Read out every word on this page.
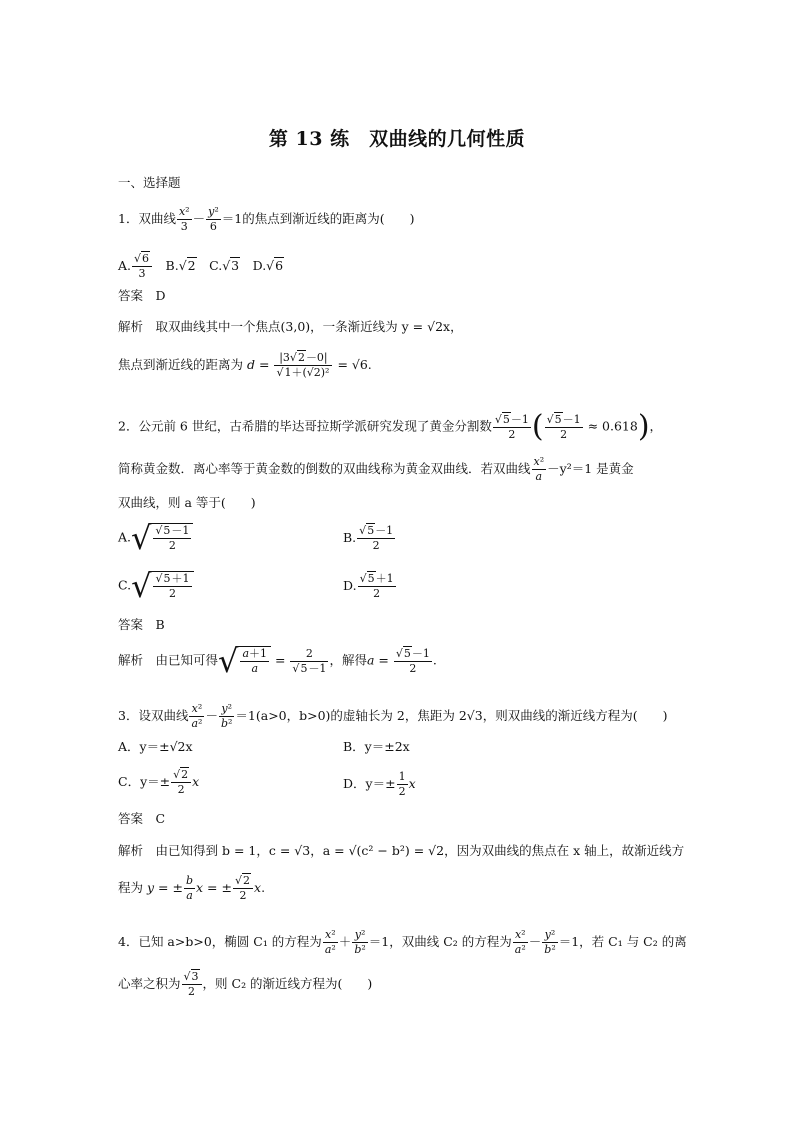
第 13 练　双曲线的几何性质
一、选择题
1．双曲线 $\frac{\text{x²}}{3} - \frac{\text{y²}}{6} =1$的焦点到渐近线的距离为(　　)
A. $\frac{√6}{3}$ 　B.√2　C.√3　D.√6
答案　 D
解析　 取双曲线其中一个焦点(3,0)，一条渐近线为 y = √2x，
焦点到渐近线的距离为 $d = \frac{|3√2-0|}{\text{√1＋(√2)²}} = √6$.
2．公元前 6 世纪，古希腊的毕达哥拉斯学派研究发现了黄金分割数 $\frac{√5-1}{2}$ ( $\frac{√5-1}{2} \approx 0.618$)，
简称黄金数．离心率等于黄金数的倒数的双曲线称为黄金双曲线．若双曲线 $\frac{\text{x²}}{a} -y^2=1$ 是黄金
双曲线，则 a 等于(　　)
$A.√ \frac{√5-1}{2}$	B. $\frac{√5-1}{2}$
$C.√ \frac{√5+1}{2}$	D. $\frac{√5+1}{2}$
答案　 B
解析　 由已知可得√ $\frac{a+1}{a} = \frac{2}{√5-1}$ ，解得$a = \frac{√5-1}{2}$ .
3．设双曲线 $\frac{\text{x²}}{\text{a²}} - \frac{\text{y²}}{\text{b²}} =1(a>0$，b>0)的虚轴长为 2，焦距为 2√3，则双曲线的渐近线方程为(　　)
A．y＝±√2x	B．y＝±2x
C．$y=\pm \frac{√2}{2}$ x	D．$y=\pm \frac{1}{2}$ x
答案　 C
解析　 由已知得到 b = 1，c = √3，a = √(c² − b²) = √2，因为双曲线的焦点在 x 轴上，故渐近线方
程为 y = ± $\frac{b}{a}$ x = ± $\frac{√2}{2} x$.
4．已知 a>b>0，椭圆 C₁ 的方程为 $\frac{\text{x²}}{\text{a²}} + \frac{\text{y²}}{\text{b²}} =1$，双曲线 C₂ 的方程为 $\frac{\text{x²}}{\text{a²}} - \frac{\text{y²}}{\text{b²}} =1$，若 C₁ 与 C₂ 的离
心率之积为 $\frac{√3}{2}$ ，则 C₂ 的渐近线方程为(　　)
